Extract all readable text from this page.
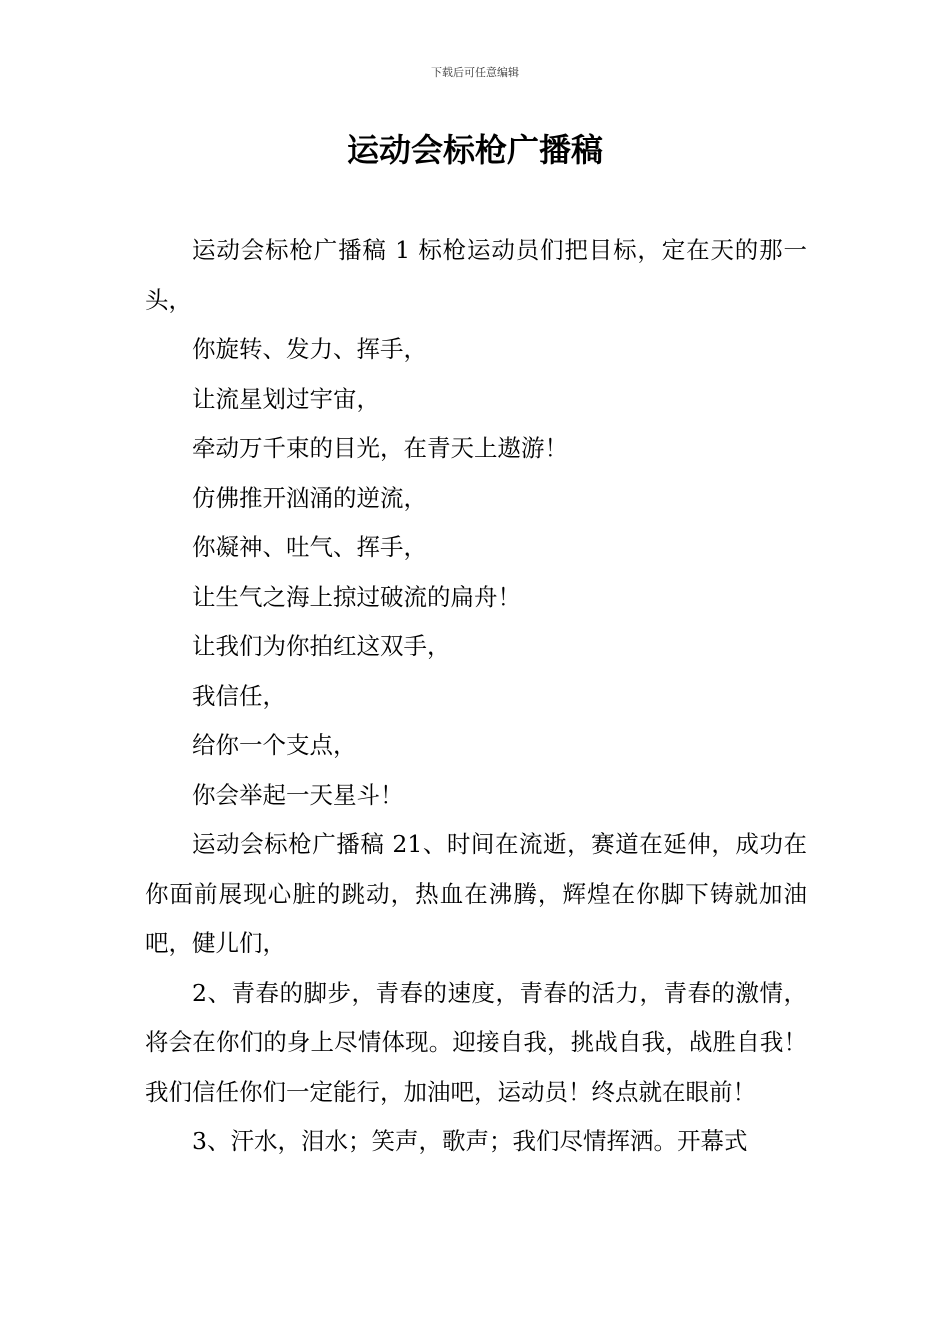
下载后可任意编辑
运动会标枪广播稿

运动会标枪广播稿 1 标枪运动员们把目标，定在天的那一头，

你旋转、发力、挥手，

让流星划过宇宙，

牵动万千束的目光，在青天上遨游！

仿佛推开汹涌的逆流，

你凝神、吐气、挥手，

让生气之海上掠过破流的扁舟！

让我们为你拍红这双手，

我信任，

给你一个支点，

你会举起一天星斗！

运动会标枪广播稿 21、时间在流逝，赛道在延伸，成功在你面前展现心脏的跳动，热血在沸腾，辉煌在你脚下铸就加油吧，健儿们，

2、青春的脚步，青春的速度，青春的活力，青春的激情，将会在你们的身上尽情体现。迎接自我，挑战自我，战胜自我！我们信任你们一定能行，加油吧，运动员！终点就在眼前！

3、汗水，泪水；笑声，歌声；我们尽情挥洒。开幕式
